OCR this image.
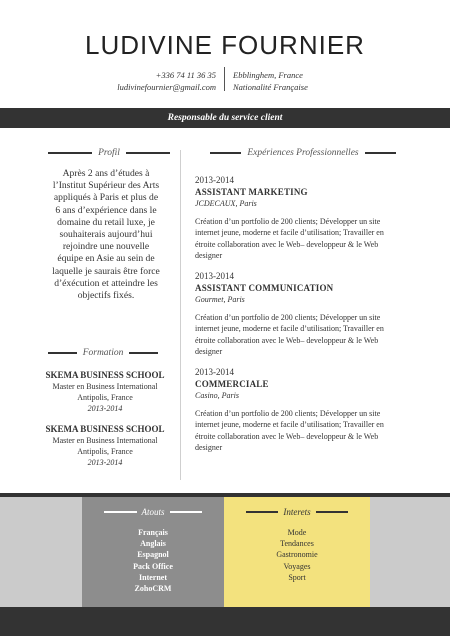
LUDIVINE FOURNIER
+336 74 11 36 35
ludivinefournier@gmail.com
Ebblinghem, France
Nationalité Française
Responsable du service client
Profil
Après 2 ans d’études à l’Institut Supérieur des Arts appliqués à Paris et plus de 6 ans d’expérience dans le domaine du retail luxe, je souhaiterais aujourd’hui rejoindre une nouvelle équipe en Asie au sein de laquelle je saurais être force d’éxécution et atteindre les objectifs fixés.
Formation
SKEMA BUSINESS SCHOOL
Master en Business International
Antipolis, France
2013-2014
SKEMA BUSINESS SCHOOL
Master en Business International
Antipolis, France
2013-2014
Expériences Professionnelles
2013-2014
ASSISTANT MARKETING
JCDECAUX, Paris
Création d’un portfolio de 200 clients; Développer un site internet jeune, moderne et facile d’utilisation; Travailler en étroite collaboration avec le Web– developpeur & le Web designer
2013-2014
ASSISTANT COMMUNICATION
Gourmet, Paris
Création d’un portfolio de 200 clients; Développer un site internet jeune, moderne et facile d’utilisation; Travailler en étroite collaboration avec le Web– developpeur & le Web designer
2013-2014
COMMERCIALE
Casino, Paris
Création d’un portfolio de 200 clients; Développer un site internet jeune, moderne et facile d’utilisation; Travailler en étroite collaboration avec le Web– developpeur & le Web designer
Atouts
Français
Anglais
Espagnol
Pack Office
Internet
ZohoCRM
Interets
Mode
Tendances
Gastronomie
Voyages
Sport
